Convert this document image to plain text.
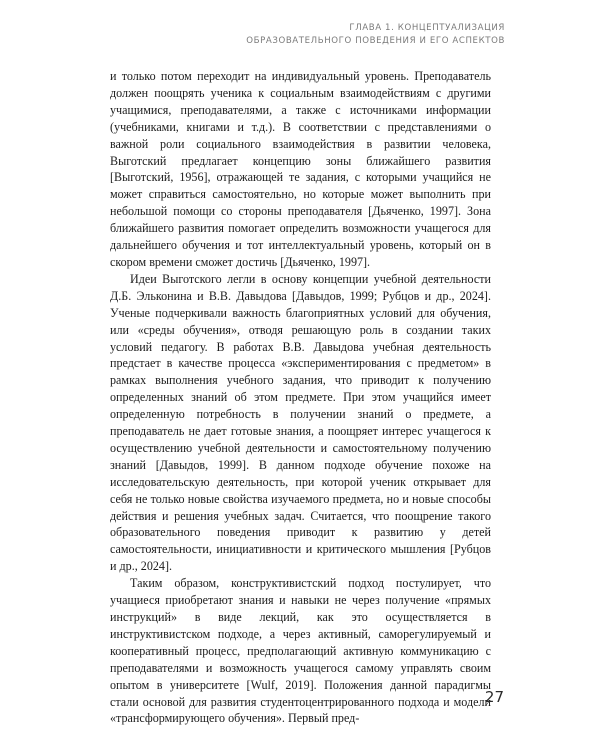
ГЛАВА 1. КОНЦЕПТУАЛИЗАЦИЯ
ОБРАЗОВАТЕЛЬНОГО ПОВЕДЕНИЯ И ЕГО АСПЕКТОВ

и только потом переходит на индивидуальный уровень. Преподаватель должен поощрять ученика к социальным взаимодействиям с другими учащимися, преподавателями, а также с источниками информации (учебниками, книгами и т.д.). В соответствии с представлениями о важной роли социального взаимодействия в развитии человека, Выготский предлагает концепцию зоны ближайшего развития [Выготский, 1956], отражающей те задания, с которыми учащийся не может справиться самостоятельно, но которые может выполнить при небольшой помощи со стороны преподавателя [Дьяченко, 1997]. Зона ближайшего развития помогает определить возможности учащегося для дальнейшего обучения и тот интеллектуальный уровень, который он в скором времени сможет достичь [Дьяченко, 1997].

Идеи Выготского легли в основу концепции учебной деятельности Д.Б. Эльконина и В.В. Давыдова [Давыдов, 1999; Рубцов и др., 2024]. Ученые подчеркивали важность благоприятных условий для обучения, или «среды обучения», отводя решающую роль в создании таких условий педагогу. В работах В.В. Давыдова учебная деятельность предстает в качестве процесса «экспериментирования с предметом» в рамках выполнения учебного задания, что приводит к получению определенных знаний об этом предмете. При этом учащийся имеет определенную потребность в получении знаний о предмете, а преподаватель не дает готовые знания, а поощряет интерес учащегося к осуществлению учебной деятельности и самостоятельному получению знаний [Давыдов, 1999]. В данном подходе обучение похоже на исследовательскую деятельность, при которой ученик открывает для себя не только новые свойства изучаемого предмета, но и новые способы действия и решения учебных задач. Считается, что поощрение такого образовательного поведения приводит к развитию у детей самостоятельности, инициативности и критического мышления [Рубцов и др., 2024].

Таким образом, конструктивистский подход постулирует, что учащиеся приобретают знания и навыки не через получение «прямых инструкций» в виде лекций, как это осуществляется в инструктивистском подходе, а через активный, саморегулируемый и кооперативный процесс, предполагающий активную коммуникацию с преподавателями и возможность учащегося самому управлять своим опытом в университете [Wulf, 2019]. Положения данной парадигмы стали основой для развития студентоцентрированного подхода и модели «трансформирующего обучения». Первый пред-

27
